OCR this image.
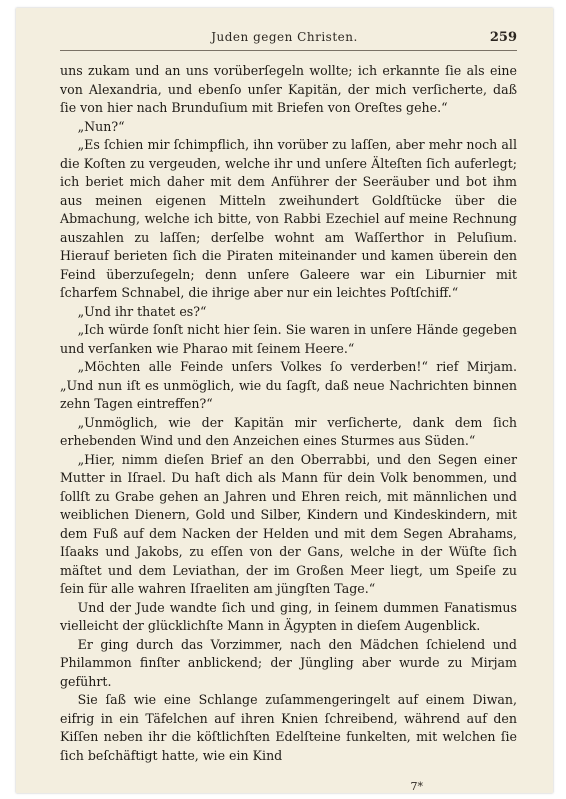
Juden gegen Christen.	259

uns zukam und an uns vorüberſegeln wollte; ich erkannte ſie als eine von Alexandria, und ebenſo unſer Kapitän, der mich verſicherte, daß ſie von hier nach Brunduſium mit Briefen von Oreſtes gehe.“

„Nun?“

„Es ſchien mir ſchimpflich, ihn vorüber zu laſſen, aber mehr noch all die Koſten zu vergeuden, welche ihr und unſere Älteſten ſich auferlegt; ich beriet mich daher mit dem Anführer der Seeräuber und bot ihm aus meinen eigenen Mitteln zweihundert Goldſtücke über die Abmachung, welche ich bitte, von Rabbi Ezechiel auf meine Rechnung auszahlen zu laſſen; derſelbe wohnt am Waſſerthor in Peluſium. Hierauf berieten ſich die Piraten miteinander und kamen überein den Feind überzuſegeln; denn unſere Galeere war ein Liburnier mit ſcharfem Schnabel, die ihrige aber nur ein leichtes Poſtſchiff.“

„Und ihr thatet es?“

„Ich würde ſonſt nicht hier ſein. Sie waren in unſere Hände gegeben und verſanken wie Pharao mit ſeinem Heere.“

„Möchten alle Feinde unſers Volkes ſo verderben!“ rief Mirjam. „Und nun iſt es unmöglich, wie du ſagſt, daß neue Nachrichten binnen zehn Tagen eintreffen?“

„Unmöglich, wie der Kapitän mir verſicherte, dank dem ſich erhebenden Wind und den Anzeichen eines Sturmes aus Süden.“

„Hier, nimm dieſen Brief an den Oberrabbi, und den Segen einer Mutter in Iſrael. Du haſt dich als Mann für dein Volk benommen, und ſollſt zu Grabe gehen an Jahren und Ehren reich, mit männlichen und weiblichen Dienern, Gold und Silber, Kindern und Kindeskindern, mit dem Fuß auf dem Nacken der Helden und mit dem Segen Abrahams, Iſaaks und Jakobs, zu eſſen von der Gans, welche in der Wüſte ſich mäſtet und dem Leviathan, der im Großen Meer liegt, um Speiſe zu ſein für alle wahren Iſraeliten am jüngſten Tage.“

Und der Jude wandte ſich und ging, in ſeinem dummen Fanatismus vielleicht der glücklichſte Mann in Ägypten in dieſem Augenblick.

Er ging durch das Vorzimmer, nach den Mädchen ſchielend und Philammon finſter anblickend; der Jüngling aber wurde zu Mirjam geführt.

Sie ſaß wie eine Schlange zuſammengeringelt auf einem Diwan, eifrig in ein Täfelchen auf ihren Knien ſchreibend, während auf den Kiſſen neben ihr die köſtlichſten Edelſteine funkelten, mit welchen ſie ſich beſchäftigt hatte, wie ein Kind

7*
